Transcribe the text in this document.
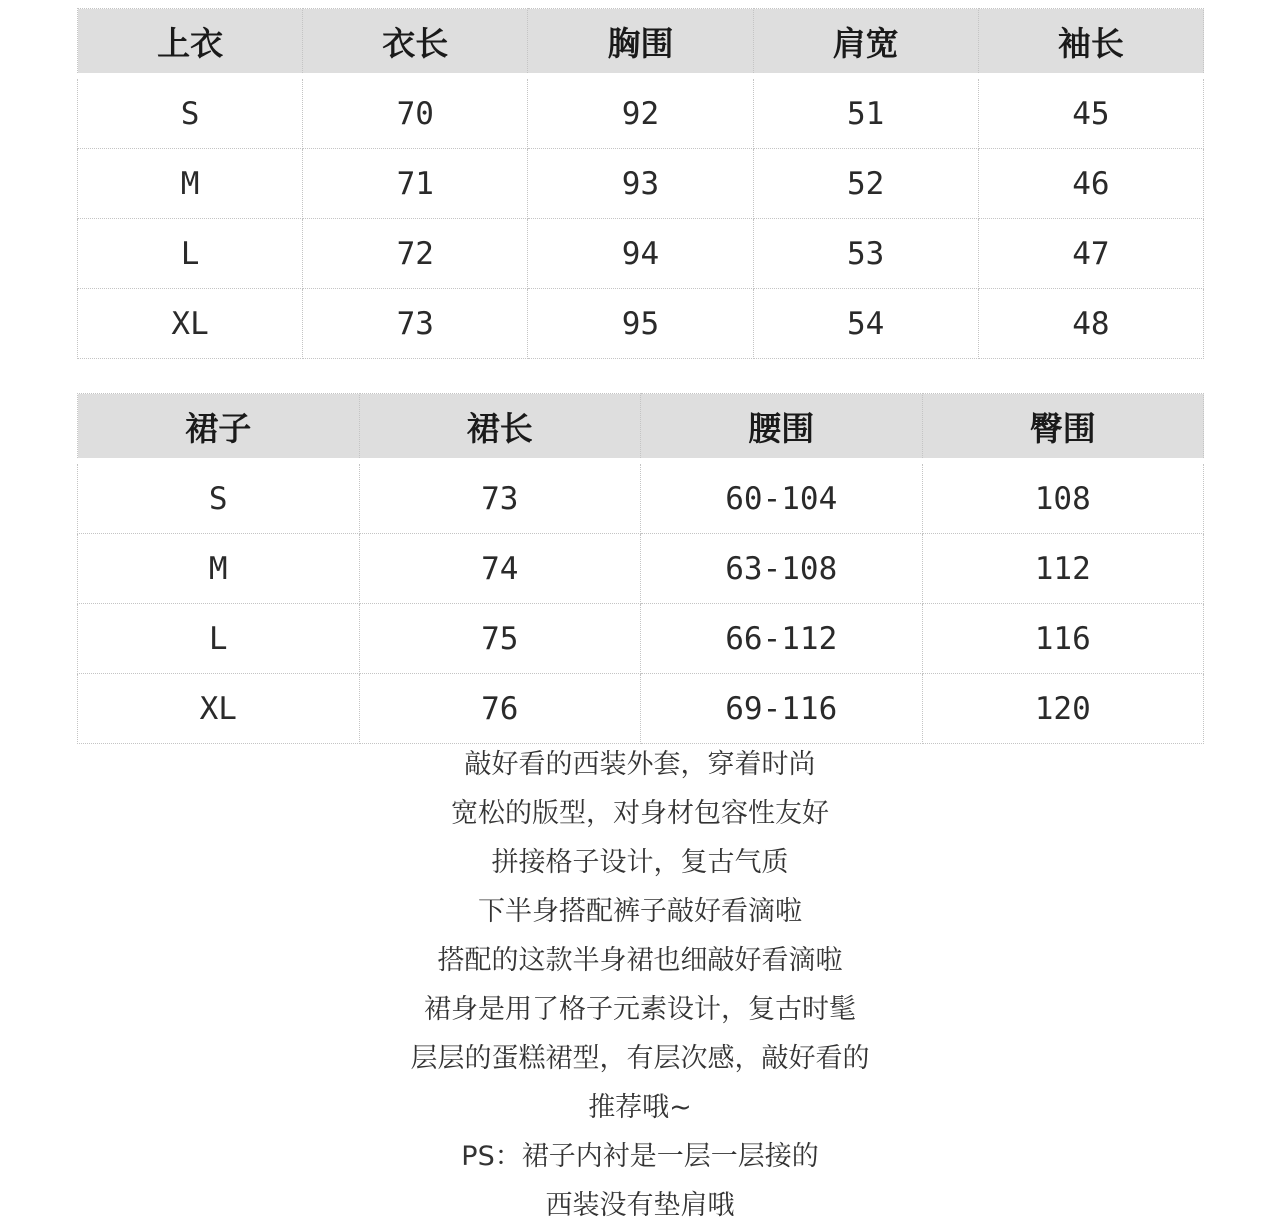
上衣	衣长	胸围	肩宽	袖长
S	70	92	51	45
M	71	93	52	46
L	72	94	53	47
XL	73	95	54	48
裙子	裙长	腰围	臀围
S	73	60-104	108
M	74	63-108	112
L	75	66-112	116
XL	76	69-116	120
敲好看的西装外套，穿着时尚
宽松的版型，对身材包容性友好
拼接格子设计，复古气质
下半身搭配裤子敲好看滴啦
搭配的这款半身裙也细敲好看滴啦
裙身是用了格子元素设计，复古时髦
层层的蛋糕裙型，有层次感，敲好看的
推荐哦~
PS：裙子内衬是一层一层接的
西装没有垫肩哦
